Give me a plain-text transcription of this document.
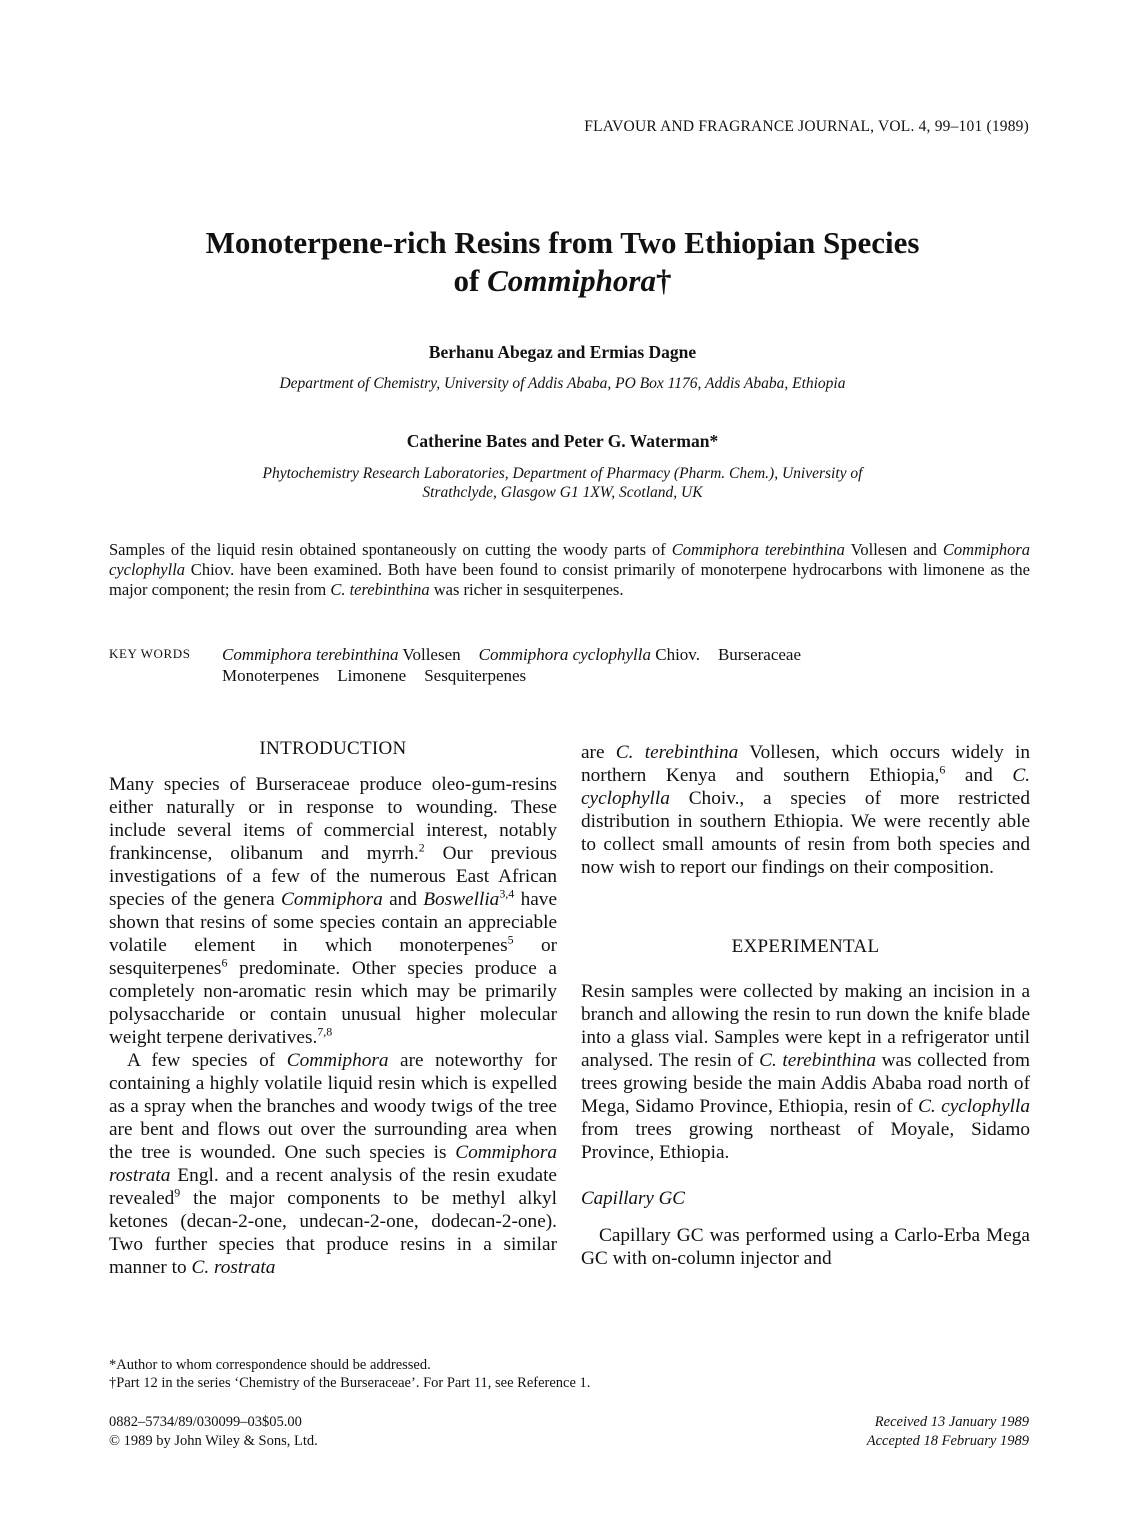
FLAVOUR AND FRAGRANCE JOURNAL, VOL. 4, 99–101 (1989)
Monoterpene-rich Resins from Two Ethiopian Species
of Commiphora†
Berhanu Abegaz and Ermias Dagne
Department of Chemistry, University of Addis Ababa, PO Box 1176, Addis Ababa, Ethiopia
Catherine Bates and Peter G. Waterman*
Phytochemistry Research Laboratories, Department of Pharmacy (Pharm. Chem.), University of
Strathclyde, Glasgow G1 1XW, Scotland, UK
Samples of the liquid resin obtained spontaneously on cutting the woody parts of Commiphora terebinthina Vollesen and Commiphora cyclophylla Chiov. have been examined. Both have been found to consist primarily of monoterpene hydrocarbons with limonene as the major component; the resin from C. terebinthina was richer in sesquiterpenes.
KEY WORDS Commiphora terebinthina Vollesen Commiphora cyclophylla Chiov. Burseraceae
Monoterpenes Limonene Sesquiterpenes
INTRODUCTION

Many species of Burseraceae produce oleo-gum-resins either naturally or in response to wounding. These include several items of commercial interest, notably frankincense, olibanum and myrrh.$^2$ Our previous investigations of a few of the numerous East African species of the genera Commiphora and Boswellia$^{3,4}$ have shown that resins of some species contain an appreciable volatile element in which monoterpenes$^5$ or sesquiterpenes$^6$ predominate. Other species produce a completely non-aromatic resin which may be primarily polysaccharide or contain unusual higher molecular weight terpene derivatives.$^{7,8}$

A few species of Commiphora are noteworthy for containing a highly volatile liquid resin which is expelled as a spray when the branches and woody twigs of the tree are bent and flows out over the surrounding area when the tree is wounded. One such species is Commiphora rostrata Engl. and a recent analysis of the resin exudate revealed$^9$ the major components to be methyl alkyl ketones (decan-2-one, undecan-2-one, dodecan-2-one). Two further species that produce resins in a similar manner to C. rostrata

are C. terebinthina Vollesen, which occurs widely in northern Kenya and southern Ethiopia,$^6$ and C. cyclophylla Choiv., a species of more restricted distribution in southern Ethiopia. We were recently able to collect small amounts of resin from both species and now wish to report our findings on their composition.

EXPERIMENTAL

Resin samples were collected by making an incision in a branch and allowing the resin to run down the knife blade into a glass vial. Samples were kept in a refrigerator until analysed. The resin of C. terebinthina was collected from trees growing beside the main Addis Ababa road north of Mega, Sidamo Province, Ethiopia, resin of C. cyclophylla from trees growing northeast of Moyale, Sidamo Province, Ethiopia.

Capillary GC

Capillary GC was performed using a Carlo-Erba Mega GC with on-column injector and

*Author to whom correspondence should be addressed.
†Part 12 in the series ‘Chemistry of the Burseraceae’. For Part 11, see Reference 1.
0882–5734/89/030099–03$05.00
© 1989 by John Wiley & Sons, Ltd.
Received 13 January 1989
Accepted 18 February 1989
